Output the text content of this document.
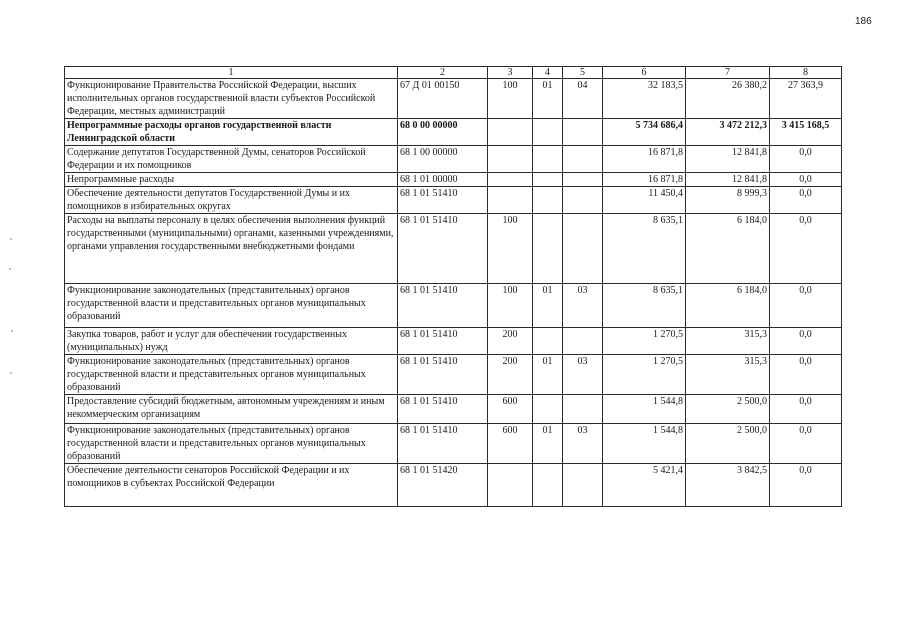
186
1	2	3	4	5	6	7	8
Функционирование Правительства Российской Федерации, высших исполнительных органов государственной власти субъектов Российской Федерации, местных администраций	67 Д 01 00150	100	01	04	32 183,5	26 380,2	27 363,9
Непрограммные расходы органов государственной власти Ленинградской области	68 0 00 00000				5 734 686,4	3 472 212,3	3 415 168,5
Содержание депутатов Государственной Думы, сенаторов Российской Федерации и их помощников	68 1 00 00000				16 871,8	12 841,8	0,0
Непрограммные расходы	68 1 01 00000				16 871,8	12 841,8	0,0
Обеспечение деятельности депутатов Государственной Думы и их помощников в избирательных округах	68 1 01 51410				11 450,4	8 999,3	0,0
Расходы на выплаты персоналу в целях обеспечения выполнения функций государственными (муниципальными) органами, казенными учреждениями, органами управления государственными внебюджетными фондами	68 1 01 51410	100			8 635,1	6 184,0	0,0
Функционирование законодательных (представительных) органов государственной власти и представительных органов муниципальных образований	68 1 01 51410	100	01	03	8 635,1	6 184,0	0,0
Закупка товаров, работ и услуг для обеспечения государственных (муниципальных) нужд	68 1 01 51410	200			1 270,5	315,3	0,0
Функционирование законодательных (представительных) органов государственной власти и представительных органов муниципальных образований	68 1 01 51410	200	01	03	1 270,5	315,3	0,0
Предоставление субсидий бюджетным, автономным учреждениям и иным некоммерческим организациям	68 1 01 51410	600			1 544,8	2 500,0	0,0
Функционирование законодательных (представительных) органов государственной власти и представительных органов муниципальных образований	68 1 01 51410	600	01	03	1 544,8	2 500,0	0,0
Обеспечение деятельности сенаторов Российской Федерации и их помощников в субъектах Российской Федерации	68 1 01 51420				5 421,4	3 842,5	0,0
